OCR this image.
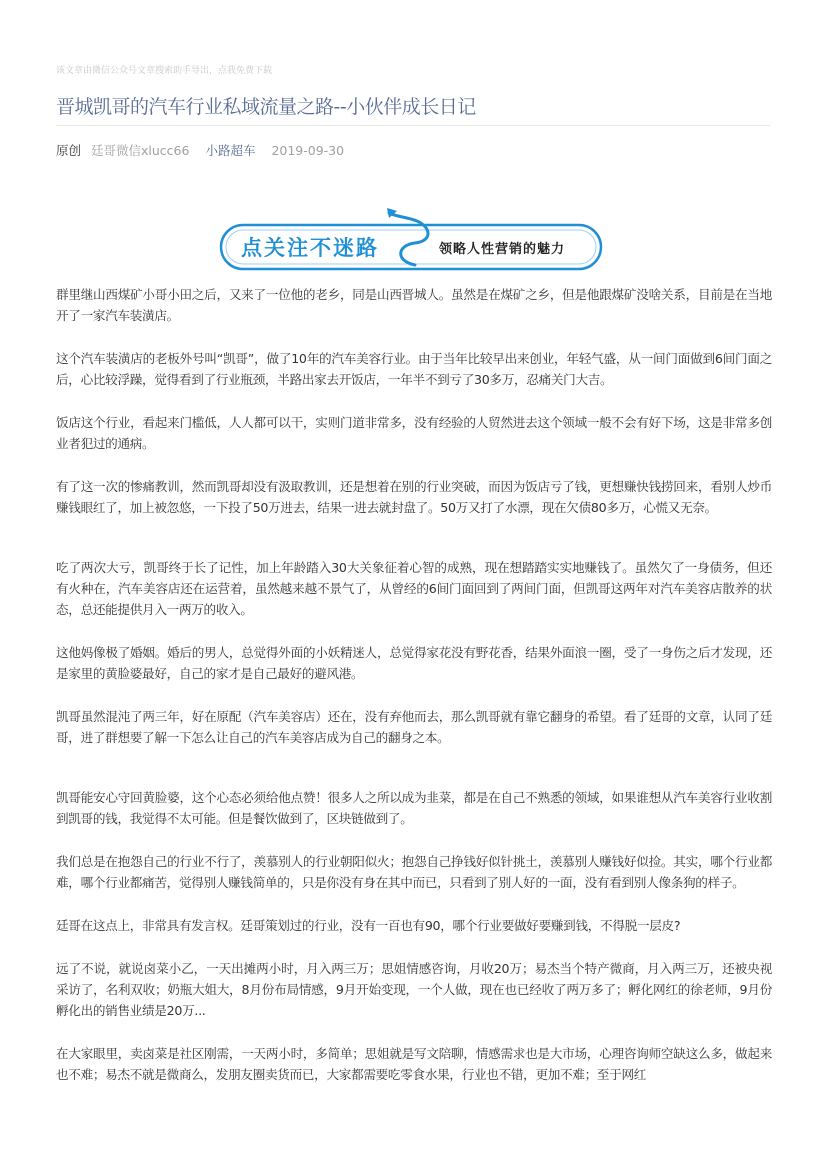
该文章由微信公众号文章搜索助手导出，点我免费下载
晋城凯哥的汽车行业私域流量之路--小伙伴成长日记
原创 廷哥微信xlucc66 小路超车 2019-09-30
点关注不迷路	领略人性营销的魅力

群里继山西煤矿小哥小田之后，又来了一位他的老乡，同是山西晋城人。虽然是在煤矿之乡，但是他跟煤矿没啥关系，目前是在当地开了一家汽车装潢店。

这个汽车装潢店的老板外号叫“凯哥”，做了10年的汽车美容行业。由于当年比较早出来创业，年轻气盛，从一间门面做到6间门面之后，心比较浮躁，觉得看到了行业瓶颈，半路出家去开饭店，一年半不到亏了30多万，忍痛关门大吉。

饭店这个行业，看起来门槛低，人人都可以干，实则门道非常多，没有经验的人贸然进去这个领域一般不会有好下场，这是非常多创业者犯过的通病。

有了这一次的惨痛教训，然而凯哥却没有汲取教训，还是想着在别的行业突破，而因为饭店亏了钱，更想赚快钱捞回来，看别人炒币赚钱眼红了，加上被忽悠，一下投了50万进去，结果一进去就封盘了。50万又打了水漂，现在欠债80多万，心慌又无奈。

吃了两次大亏，凯哥终于长了记性，加上年龄踏入30大关象征着心智的成熟，现在想踏踏实实地赚钱了。虽然欠了一身债务，但还有火种在，汽车美容店还在运营着，虽然越来越不景气了，从曾经的6间门面回到了两间门面，但凯哥这两年对汽车美容店散养的状态，总还能提供月入一两万的收入。

这他妈像极了婚姻。婚后的男人，总觉得外面的小妖精迷人，总觉得家花没有野花香，结果外面浪一圈，受了一身伤之后才发现，还是家里的黄脸婆最好，自己的家才是自己最好的避风港。

凯哥虽然混沌了两三年，好在原配（汽车美容店）还在，没有弃他而去，那么凯哥就有靠它翻身的希望。看了廷哥的文章，认同了廷哥，进了群想要了解一下怎么让自己的汽车美容店成为自己的翻身之本。

凯哥能安心守回黄脸婆，这个心态必须给他点赞！很多人之所以成为韭菜，都是在自己不熟悉的领域，如果谁想从汽车美容行业收割到凯哥的钱，我觉得不太可能。但是餐饮做到了，区块链做到了。

我们总是在抱怨自己的行业不行了，羡慕别人的行业朝阳似火；抱怨自己挣钱好似针挑土，羡慕别人赚钱好似捡。其实，哪个行业都难，哪个行业都痛苦，觉得别人赚钱简单的，只是你没有身在其中而已，只看到了别人好的一面，没有看到别人像条狗的样子。

廷哥在这点上，非常具有发言权。廷哥策划过的行业，没有一百也有90，哪个行业要做好要赚到钱，不得脱一层皮?

远了不说，就说卤菜小乙，一天出摊两小时，月入两三万；思姐情感咨询，月收20万；易杰当个特产微商，月入两三万，还被央视采访了，名利双收；奶瓶大姐大，8月份布局情感，9月开始变现，一个人做，现在也已经收了两万多了；孵化网红的徐老师，9月份孵化出的销售业绩是20万...

在大家眼里，卖卤菜是社区刚需，一天两小时，多简单；思姐就是写文陪聊，情感需求也是大市场，心理咨询师空缺这么多，做起来也不难；易杰不就是微商么，发朋友圈卖货而已，大家都需要吃零食水果，行业也不错，更加不难；至于网红
